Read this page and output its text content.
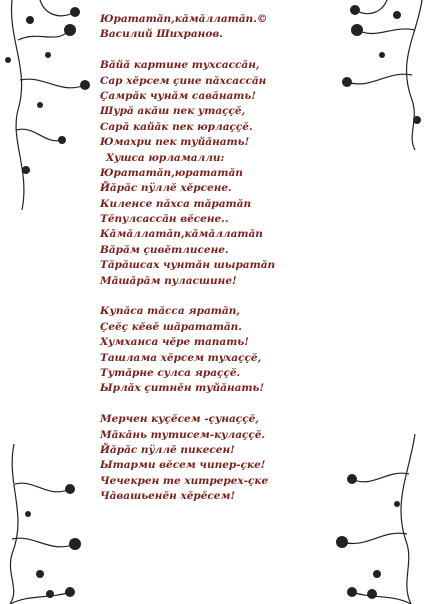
Юрататăп,кăмăллатăп.©
Василий Шихранов.
Вăйă картине тухсассăн,
Сар хĕрсем çине пăхсассăн
Çамрăк чунăм савăнать!
Шурă акăш пек утаççĕ,
Сарă кайăк пек юрлаççĕ.
Юмахри пек туйăнать!
Хушса юрламалли:
Юрататăп,юрататăп
Йăрăс пÿллĕ хĕрсене.
Киленсе пăхса тăратăп
Тĕпулсассăн вĕсене..
Кăмăллатăп,кăмăллатăп
Вăрăм çивĕтлисене.
Тăрăшсах чунтăн шыратăп
Мăшăрăм пуласшине!
Купăса тăсса яратăп,
Çеĕç кĕвĕ шăрататăп.
Хумханса чĕре тапать!
Ташлама хĕрсем тухаççĕ,
Тутăрне сулса яраççĕ.
Ырлăх çитнĕн туйăнать!
Мерчен куçĕсем -çунаççĕ,
Мăкăнь тутисем-кулаççĕ.
Йăрăс пÿллĕ пикесен!
Ытарми вĕсем чипер-çке!
Чечекрен те хитререх-çке
Чăвашьенĕн хĕрĕсем!
